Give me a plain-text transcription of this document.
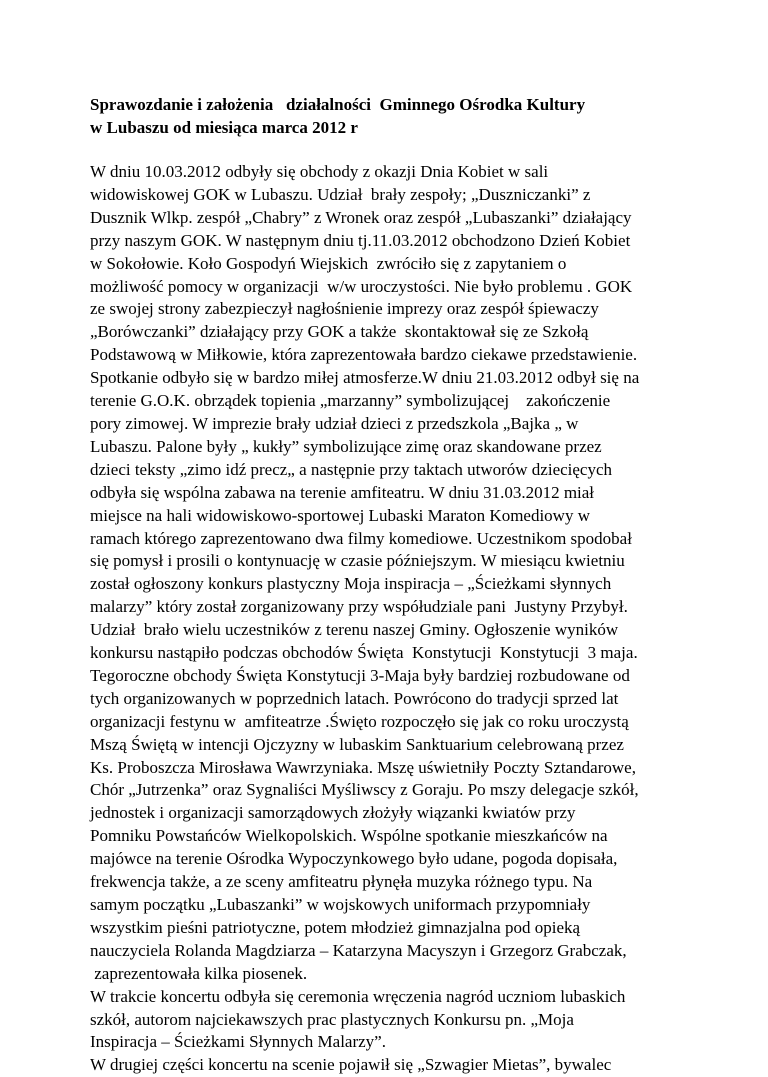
Sprawozdanie i założenia   działalności  Gminnego Ośrodka Kultury
w Lubaszu od miesiąca marca 2012 r
W dniu 10.03.2012 odbyły się obchody z okazji Dnia Kobiet w sali
widowiskowej GOK w Lubaszu. Udział  brały zespoły; „Duszniczanki” z
Dusznik Wlkp. zespół „Chabry” z Wronek oraz zespół „Lubaszanki” działający
przy naszym GOK. W następnym dniu tj.11.03.2012 obchodzono Dzień Kobiet
w Sokołowie. Koło Gospodyń Wiejskich  zwróciło się z zapytaniem o
możliwość pomocy w organizacji  w/w uroczystości. Nie było problemu . GOK
ze swojej strony zabezpieczył nagłośnienie imprezy oraz zespół śpiewaczy
„Borówczanki” działający przy GOK a także  skontaktował się ze Szkołą
Podstawową w Miłkowie, która zaprezentowała bardzo ciekawe przedstawienie.
Spotkanie odbyło się w bardzo miłej atmosferze.W dniu 21.03.2012 odbył się na
terenie G.O.K. obrządek topienia „marzanny” symbolizującej    zakończenie
pory zimowej. W imprezie brały udział dzieci z przedszkola „Bajka „ w
Lubaszu. Palone były „ kukły” symbolizujące zimę oraz skandowane przez
dzieci teksty „zimo idź precz„ a następnie przy taktach utworów dziecięcych
odbyła się wspólna zabawa na terenie amfiteatru. W dniu 31.03.2012 miał
miejsce na hali widowiskowo-sportowej Lubaski Maraton Komediowy w
ramach którego zaprezentowano dwa filmy komediowe. Uczestnikom spodobał
się pomysł i prosili o kontynuację w czasie późniejszym. W miesiącu kwietniu
został ogłoszony konkurs plastyczny Moja inspiracja – „Ścieżkami słynnych
malarzy” który został zorganizowany przy współudziale pani  Justyny Przybył.
Udział  brało wielu uczestników z terenu naszej Gminy. Ogłoszenie wyników
konkursu nastąpiło podczas obchodów Święta  Konstytucji  Konstytucji  3 maja.
Tegoroczne obchody Święta Konstytucji 3-Maja były bardziej rozbudowane od
tych organizowanych w poprzednich latach. Powrócono do tradycji sprzed lat
organizacji festynu w  amfiteatrze .Święto rozpoczęło się jak co roku uroczystą
Mszą Świętą w intencji Ojczyzny w lubaskim Sanktuarium celebrowaną przez
Ks. Proboszcza Mirosława Wawrzyniaka. Mszę uświetniły Poczty Sztandarowe,
Chór „Jutrzenka” oraz Sygnaliści Myśliwscy z Goraju. Po mszy delegacje szkół,
jednostek i organizacji samorządowych złożyły wiązanki kwiatów przy
Pomniku Powstańców Wielkopolskich. Wspólne spotkanie mieszkańców na
majówce na terenie Ośrodka Wypoczynkowego było udane, pogoda dopisała,
frekwencja także, a ze sceny amfiteatru płynęła muzyka różnego typu. Na
samym początku „Lubaszanki” w wojskowych uniformach przypomniały
wszystkim pieśni patriotyczne, potem młodzież gimnazjalna pod opieką
nauczyciela Rolanda Magdziarza – Katarzyna Macyszyn i Grzegorz Grabczak,
zaprezentowała kilka piosenek.
W trakcie koncertu odbyła się ceremonia wręczenia nagród uczniom lubaskich
szkół, autorom najciekawszych prac plastycznych Konkursu pn. „Moja
Inspiracja – Ścieżkami Słynnych Malarzy”.
W drugiej części koncertu na scenie pojawił się „Szwagier Mietas”, bywalec
